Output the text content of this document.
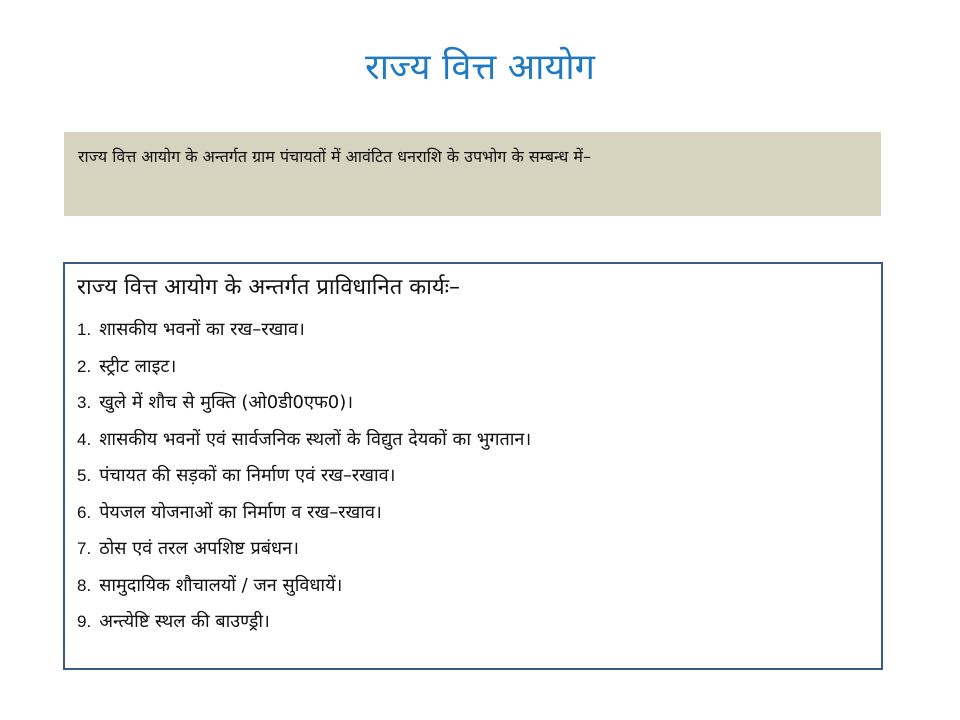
राज्य वित्त आयोग
राज्य वित्त आयोग के अन्तर्गत ग्राम पंचायतों में आवंटित धनराशि के उपभोग के सम्बन्ध में–
राज्य वित्त आयोग के अन्तर्गत प्राविधानित कार्यः–
1. शासकीय भवनों का रख–रखाव।
2. स्ट्रीट लाइट।
3. खुले में शौच से मुक्ति (ओ0डी0एफ0)।
4. शासकीय भवनों एवं सार्वजनिक स्थलों के विद्युत देयकों का भुगतान।
5. पंचायत की सड़कों का निर्माण एवं रख–रखाव।
6. पेयजल योजनाओं का निर्माण व रख–रखाव।
7. ठोस एवं तरल अपशिष्ट प्रबंधन।
8. सामुदायिक शौचालयों / जन सुविधायें।
9. अन्त्येष्टि स्थल की बाउण्ड्री।
